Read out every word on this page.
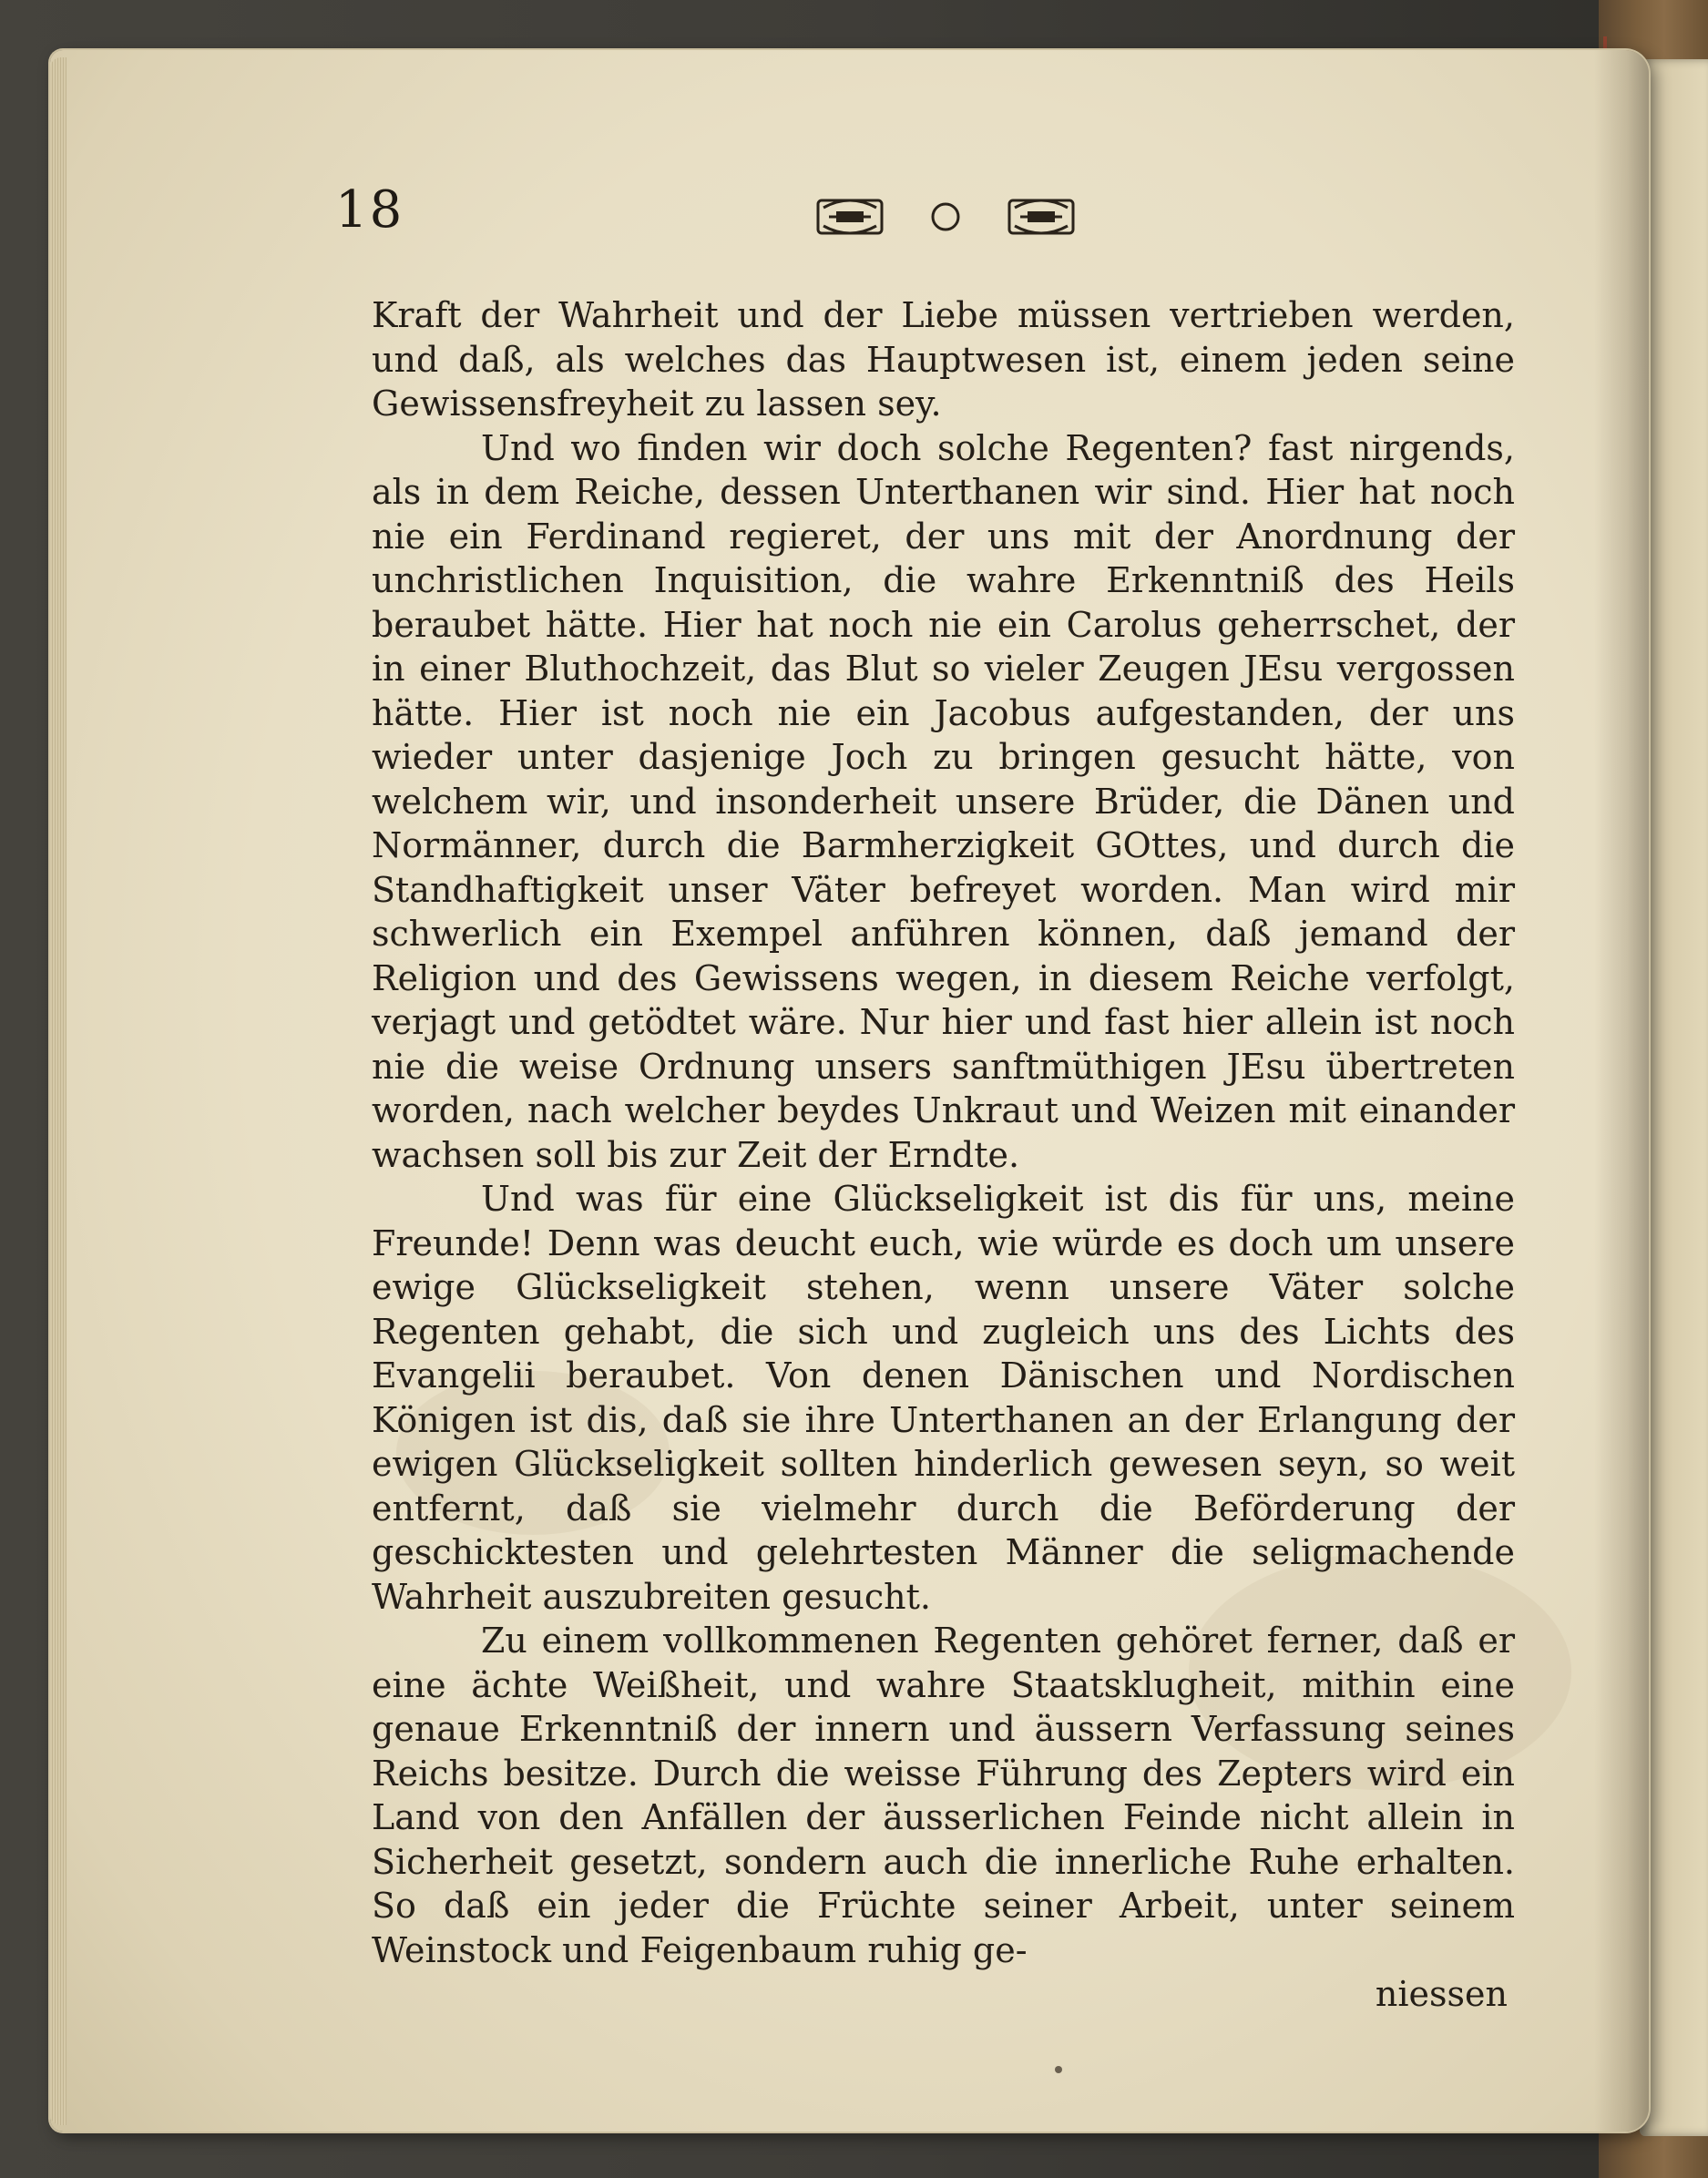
18

Kraft der Wahrheit und der Liebe müssen vertrieben werden, und daß, als welches das Hauptwesen ist, einem jeden seine Gewissensfreyheit zu lassen sey.

Und wo finden wir doch solche Regenten? fast nirgends, als in dem Reiche, dessen Unterthanen wir sind. Hier hat noch nie ein Ferdinand regieret, der uns mit der Anordnung der unchristlichen Inquisition, die wahre Erkenntniß des Heils beraubet hätte. Hier hat noch nie ein Carolus geherrschet, der in einer Bluthochzeit, das Blut so vieler Zeugen JEsu vergossen hätte. Hier ist noch nie ein Jacobus aufgestanden, der uns wieder unter dasjenige Joch zu bringen gesucht hätte, von welchem wir, und insonderheit unsere Brüder, die Dänen und Normänner, durch die Barmherzigkeit GOttes, und durch die Standhaftigkeit unser Väter befreyet worden. Man wird mir schwerlich ein Exempel anführen können, daß jemand der Religion und des Gewissens wegen, in diesem Reiche verfolgt, verjagt und getödtet wäre. Nur hier und fast hier allein ist noch nie die weise Ordnung unsers sanftmüthigen JEsu übertreten worden, nach welcher beydes Unkraut und Weizen mit einander wachsen soll bis zur Zeit der Erndte.

Und was für eine Glückseligkeit ist dis für uns, meine Freunde! Denn was deucht euch, wie würde es doch um unsere ewige Glückseligkeit stehen, wenn unsere Väter solche Regenten gehabt, die sich und zugleich uns des Lichts des Evangelii beraubet. Von denen Dänischen und Nordischen Königen ist dis, daß sie ihre Unterthanen an der Erlangung der ewigen Glückseligkeit sollten hinderlich gewesen seyn, so weit entfernt, daß sie vielmehr durch die Beförderung der geschicktesten und gelehrtesten Männer die seligmachende Wahrheit auszubreiten gesucht.

Zu einem vollkommenen Regenten gehöret ferner, daß er eine ächte Weißheit, und wahre Staatsklugheit, mithin eine genaue Erkenntniß der innern und äussern Verfassung seines Reichs besitze. Durch die weisse Führung des Zepters wird ein Land von den Anfällen der äusserlichen Feinde nicht allein in Sicherheit gesetzt, sondern auch die innerliche Ruhe erhalten. So daß ein jeder die Früchte seiner Arbeit, unter seinem Weinstock und Feigenbaum ruhig ge-

niessen
